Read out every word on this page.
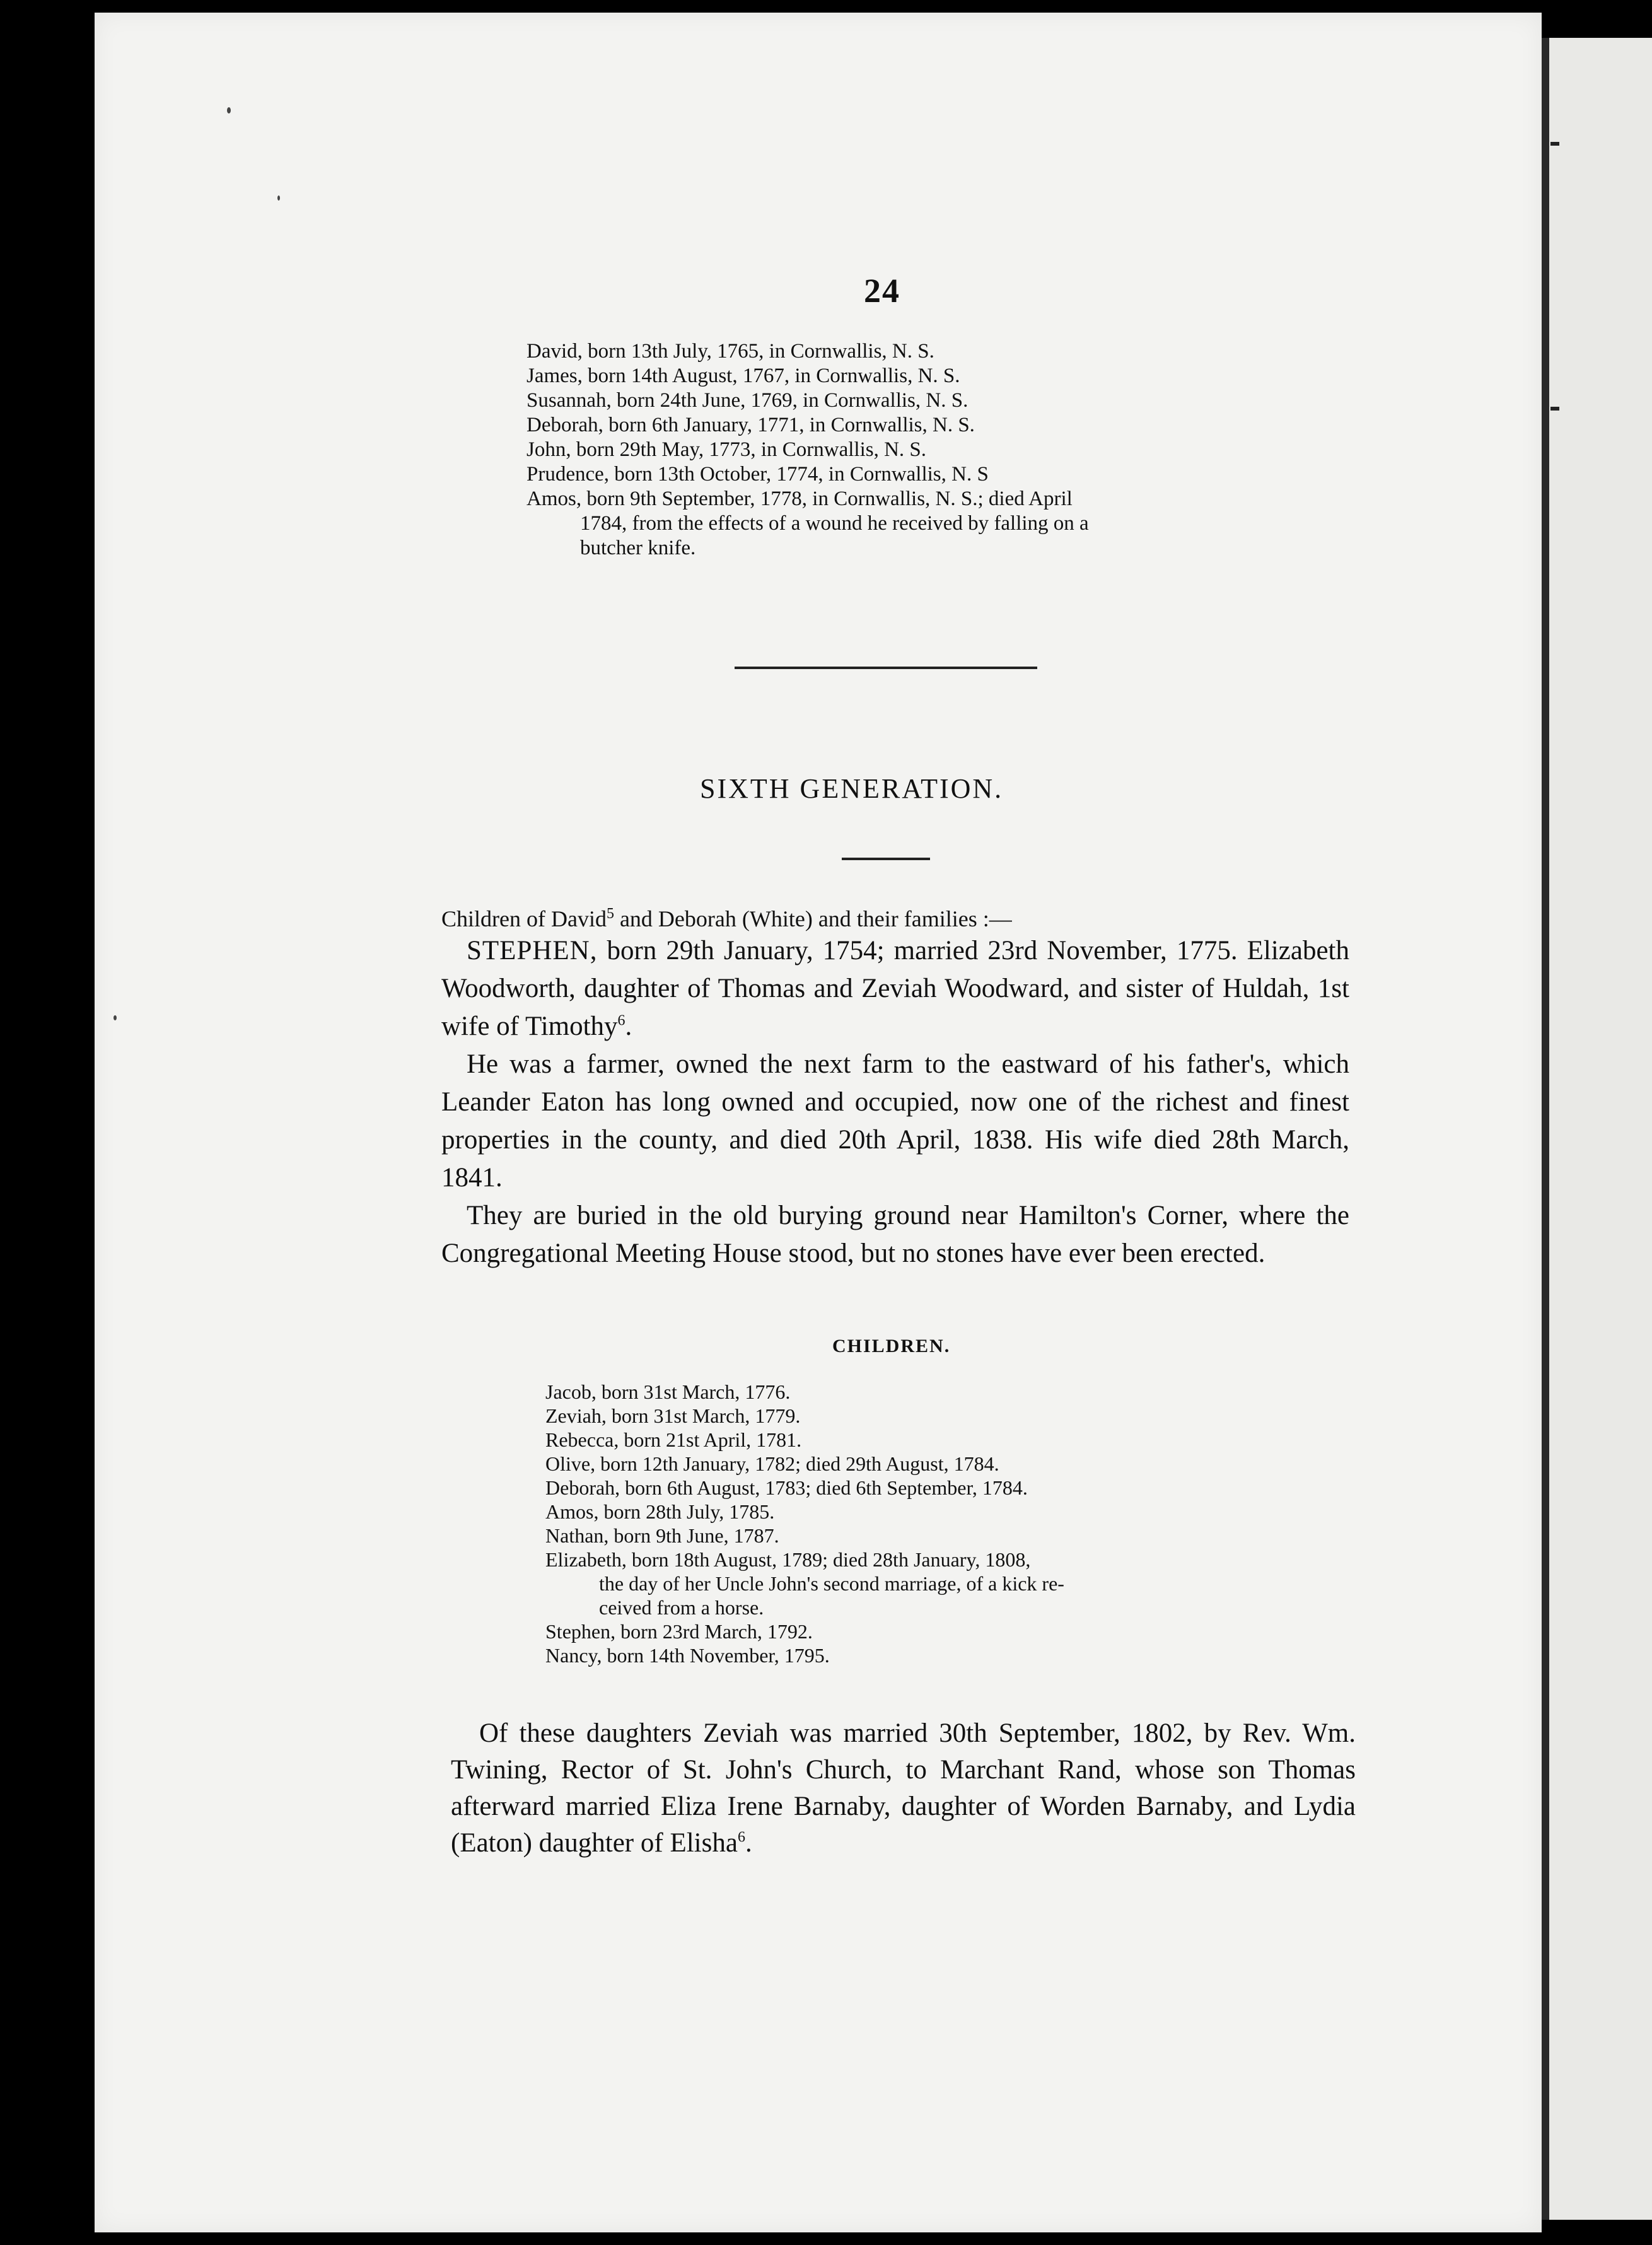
24
David, born 13th July, 1765, in Cornwallis, N. S.
James, born 14th August, 1767, in Cornwallis, N. S.
Susannah, born 24th June, 1769, in Cornwallis, N. S.
Deborah, born 6th January, 1771, in Cornwallis, N. S.
John, born 29th May, 1773, in Cornwallis, N. S.
Prudence, born 13th October, 1774, in Cornwallis, N. S
Amos, born 9th September, 1778, in Cornwallis, N. S.; died April
1784, from the effects of a wound he received by falling on a
butcher knife.
SIXTH GENERATION.
Children of David$^5$ and Deborah (White) and their families :—

STEPHEN, born 29th January, 1754; married 23rd November, 1775. Elizabeth Woodworth, daughter of Thomas and Zeviah Woodward, and sister of Huldah, 1st wife of Timothy$^6$.

He was a farmer, owned the next farm to the eastward of his father's, which Leander Eaton has long owned and occupied, now one of the richest and finest properties in the county, and died 20th April, 1838. His wife died 28th March, 1841.

They are buried in the old burying ground near Hamilton's Corner, where the Congregational Meeting House stood, but no stones have ever been erected.

CHILDREN.
Jacob, born 31st March, 1776.
Zeviah, born 31st March, 1779.
Rebecca, born 21st April, 1781.
Olive, born 12th January, 1782; died 29th August, 1784.
Deborah, born 6th August, 1783; died 6th September, 1784.
Amos, born 28th July, 1785.
Nathan, born 9th June, 1787.
Elizabeth, born 18th August, 1789; died 28th January, 1808,
the day of her Uncle John's second marriage, of a kick re-
ceived from a horse.
Stephen, born 23rd March, 1792.
Nancy, born 14th November, 1795.

Of these daughters Zeviah was married 30th September, 1802, by Rev. Wm. Twining, Rector of St. John's Church, to Marchant Rand, whose son Thomas afterward married Eliza Irene Barnaby, daughter of Worden Barnaby, and Lydia (Eaton) daughter of Elisha$^6$.
